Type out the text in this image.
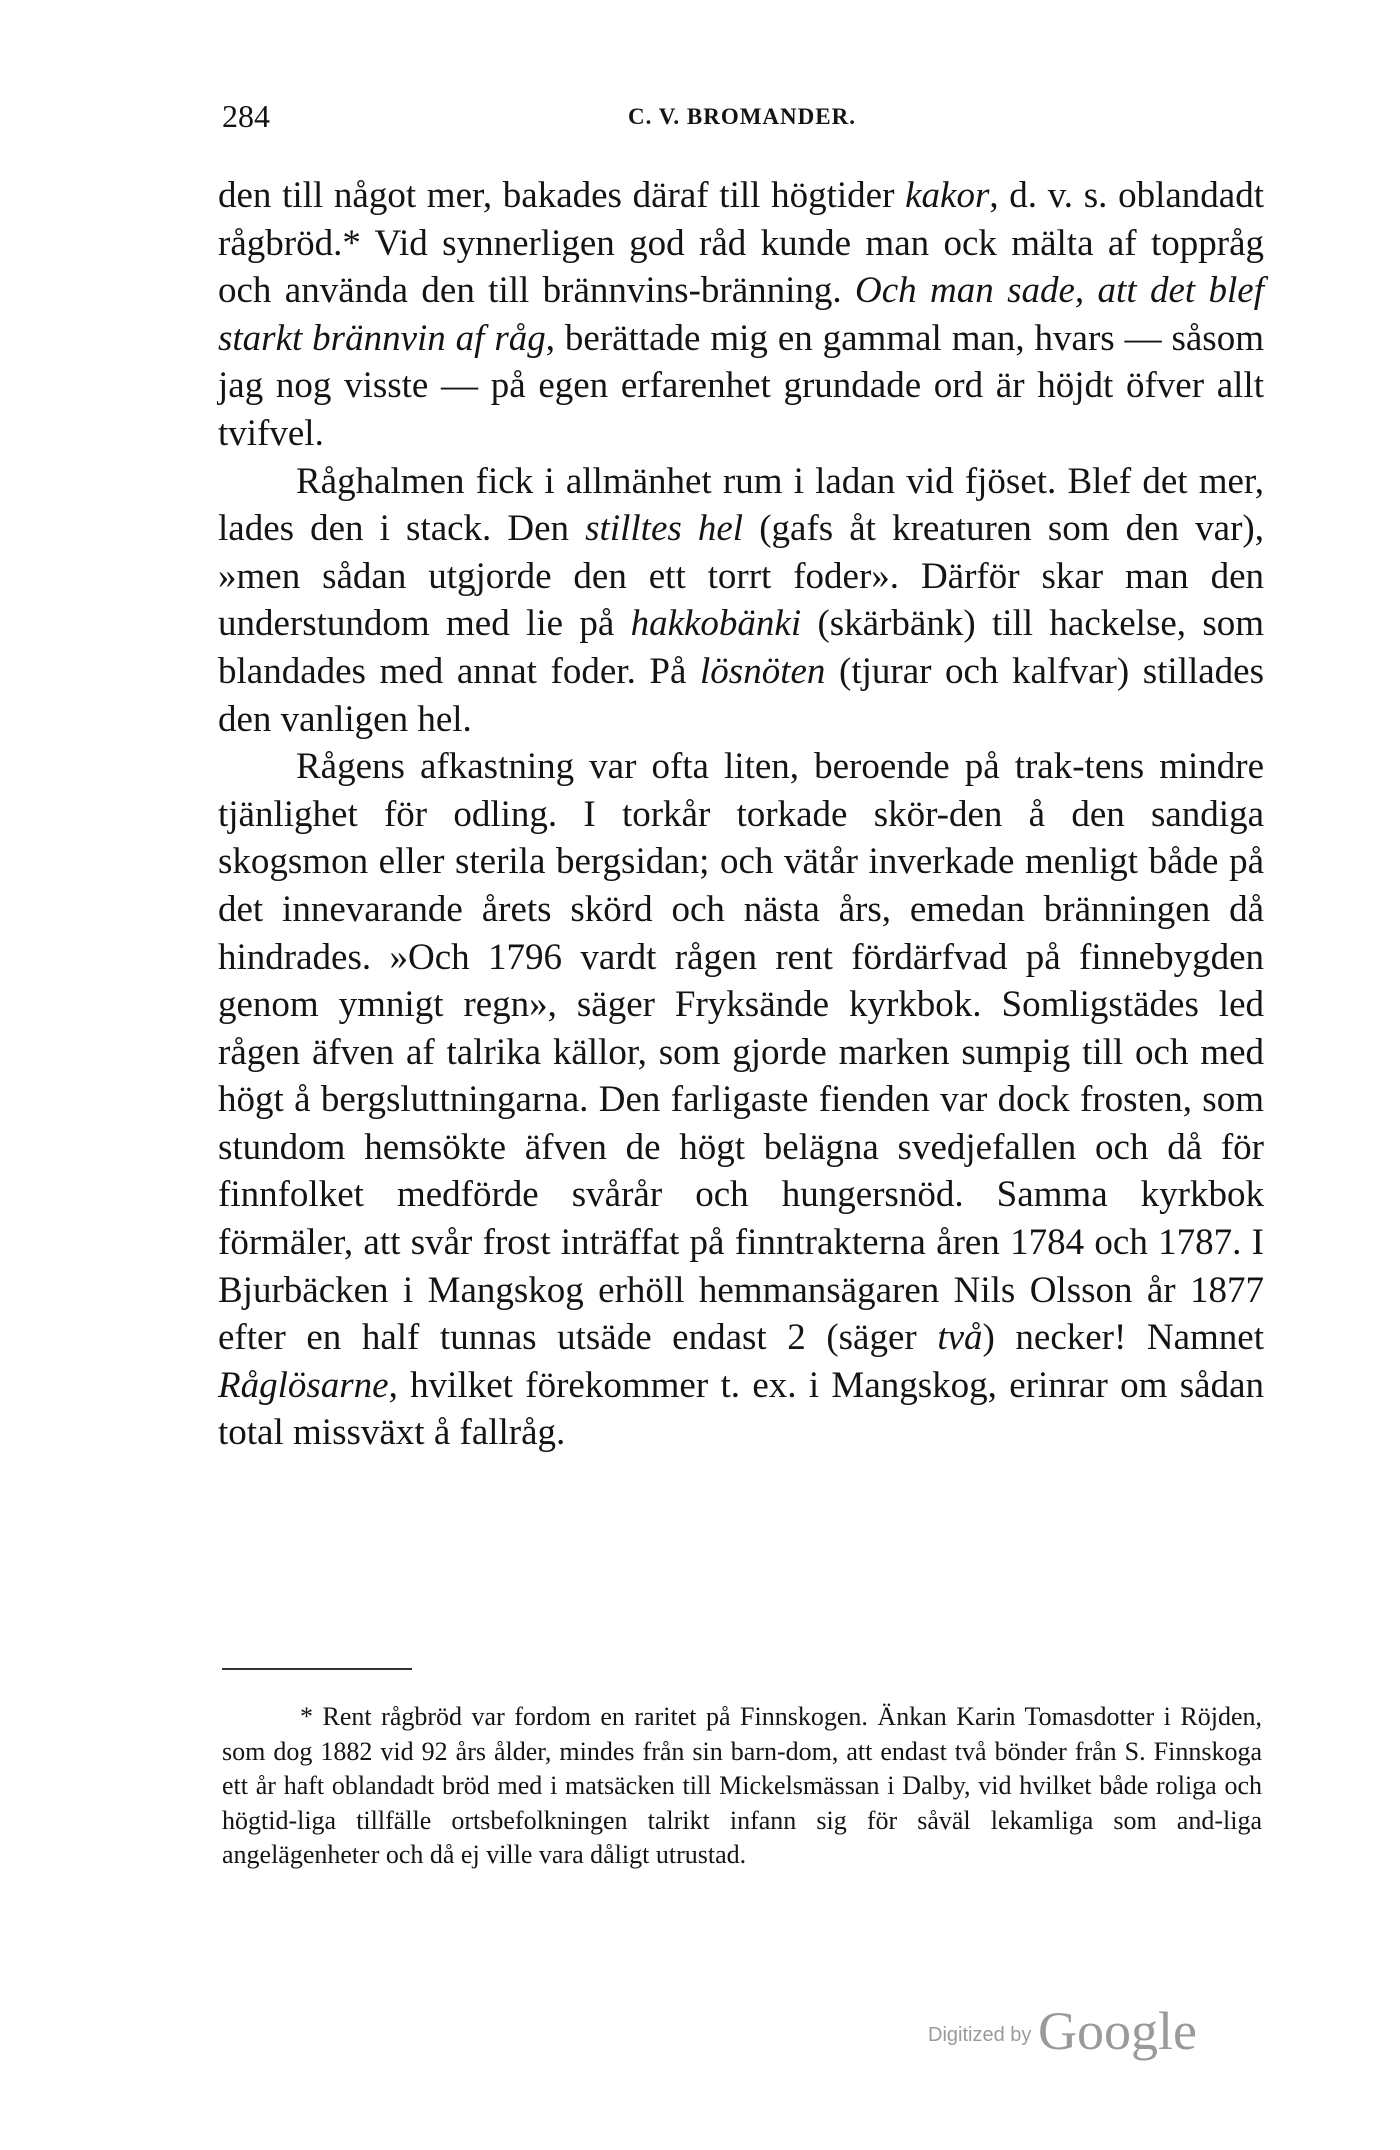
284	C. V. BROMANDER.

den till något mer, bakades däraf till högtider kakor, d. v. s. oblandadt rågbröd.* Vid synnerligen god råd kunde man ock mälta af toppråg och använda den till brännvins-bränning. Och man sade, att det blef starkt brännvin af råg, berättade mig en gammal man, hvars — såsom jag nog visste — på egen erfarenhet grundade ord är höjdt öfver allt tvifvel.

Råghalmen fick i allmänhet rum i ladan vid fjöset. Blef det mer, lades den i stack. Den stilltes hel (gafs åt kreaturen som den var), »men sådan utgjorde den ett torrt foder». Därför skar man den understundom med lie på hakkobänki (skärbänk) till hackelse, som blandades med annat foder. På lösnöten (tjurar och kalfvar) stillades den vanligen hel.

Rågens afkastning var ofta liten, beroende på trak-tens mindre tjänlighet för odling. I torkår torkade skör-den å den sandiga skogsmon eller sterila bergsidan; och vätår inverkade menligt både på det innevarande årets skörd och nästa års, emedan bränningen då hindrades. »Och 1796 vardt rågen rent fördärfvad på finnebygden genom ymnigt regn», säger Fryksände kyrkbok. Somligstädes led rågen äfven af talrika källor, som gjorde marken sumpig till och med högt å bergsluttningarna. Den farligaste fienden var dock frosten, som stundom hemsökte äfven de högt belägna svedjefallen och då för finnfolket medförde svårår och hungersnöd. Samma kyrkbok förmäler, att svår frost inträffat på finntrakterna åren 1784 och 1787. I Bjurbäcken i Mangskog erhöll hemmansägaren Nils Olsson år 1877 efter en half tunnas utsäde endast 2 (säger två) necker! Namnet Råglösarne, hvilket förekommer t. ex. i Mangskog, erinrar om sådan total missväxt å fallråg.

* Rent rågbröd var fordom en raritet på Finnskogen. Änkan Karin Tomasdotter i Röjden, som dog 1882 vid 92 års ålder, mindes från sin barn-dom, att endast två bönder från S. Finnskoga ett år haft oblandadt bröd med i matsäcken till Mickelsmässan i Dalby, vid hvilket både roliga och högtid-liga tillfälle ortsbefolkningen talrikt infann sig för såväl lekamliga som and-liga angelägenheter och då ej ville vara dåligt utrustad.

Digitized by Google
